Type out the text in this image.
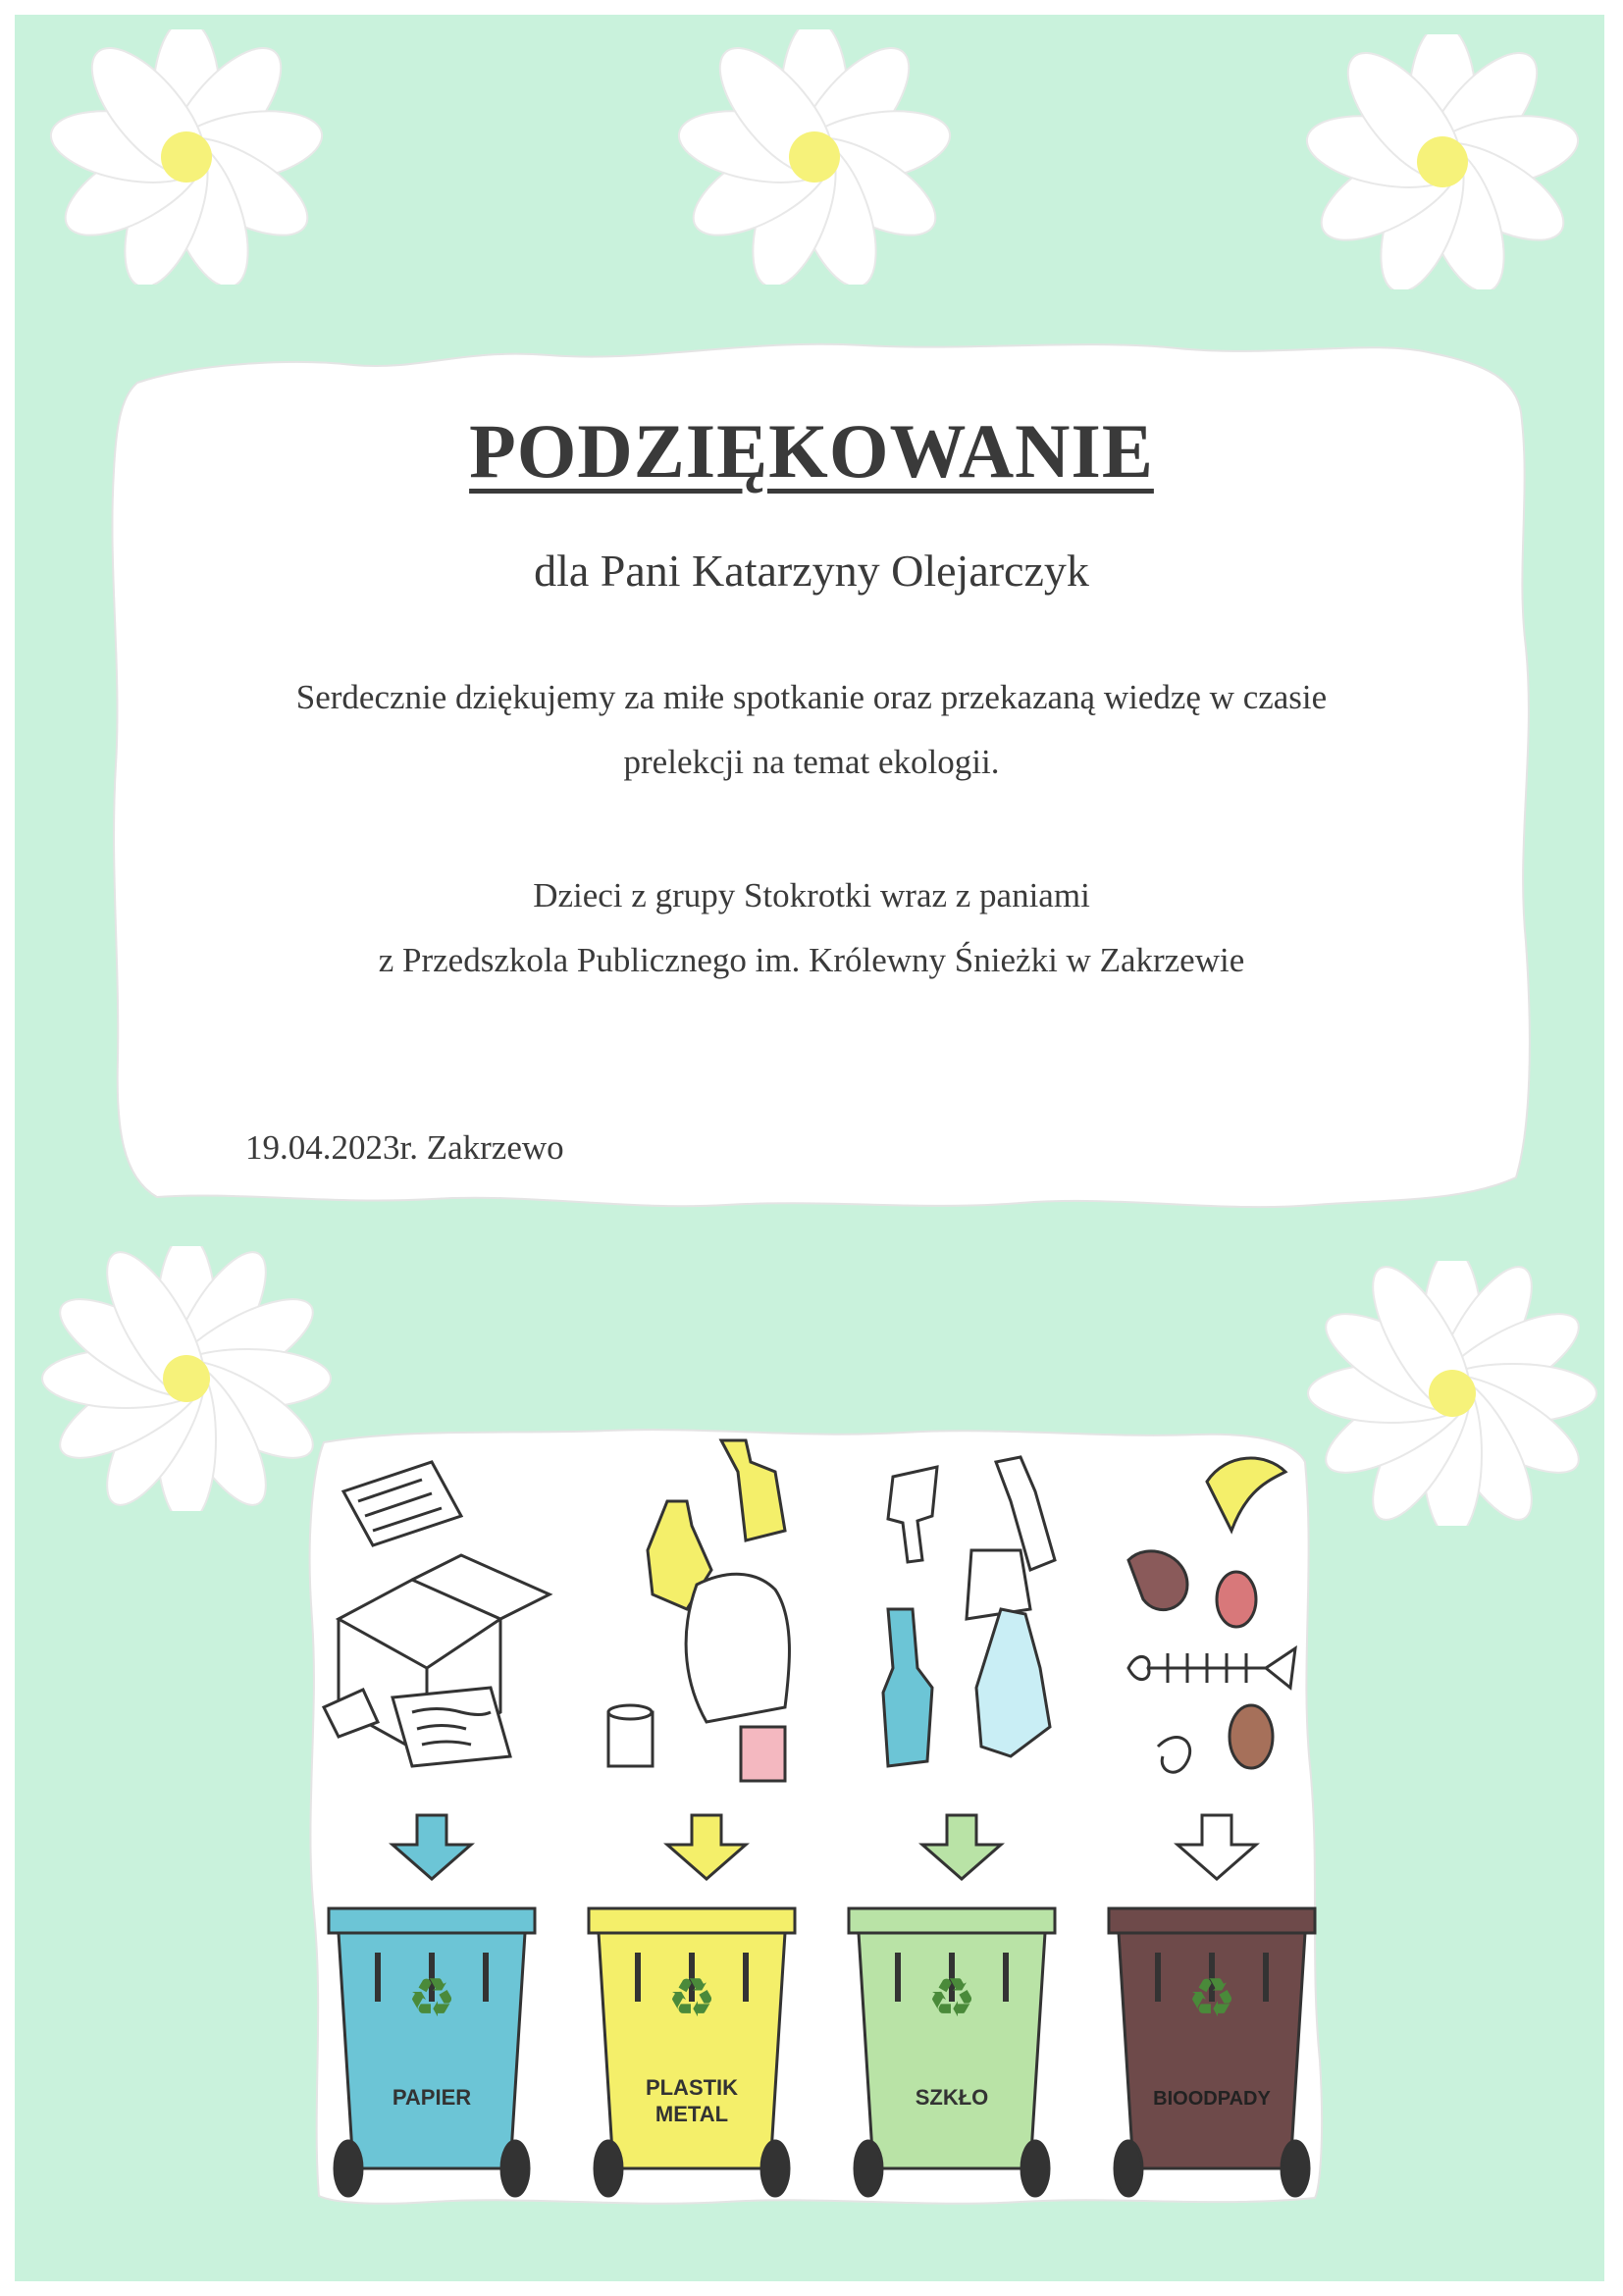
PODZIĘKOWANIE
dla Pani Katarzyny Olejarczyk
Serdecznie dziękujemy za miłe spotkanie oraz przekazaną wiedzę w czasie
prelekcji na temat ekologii.
Dzieci z grupy Stokrotki wraz z paniami
z Przedszkola Publicznego im. Królewny Śnieżki w Zakrzewie
19.04.2023r. Zakrzewo
♻	♻	♻	♻
PAPIER	PLASTIK
METAL
SZKŁO	BIOODPADY
